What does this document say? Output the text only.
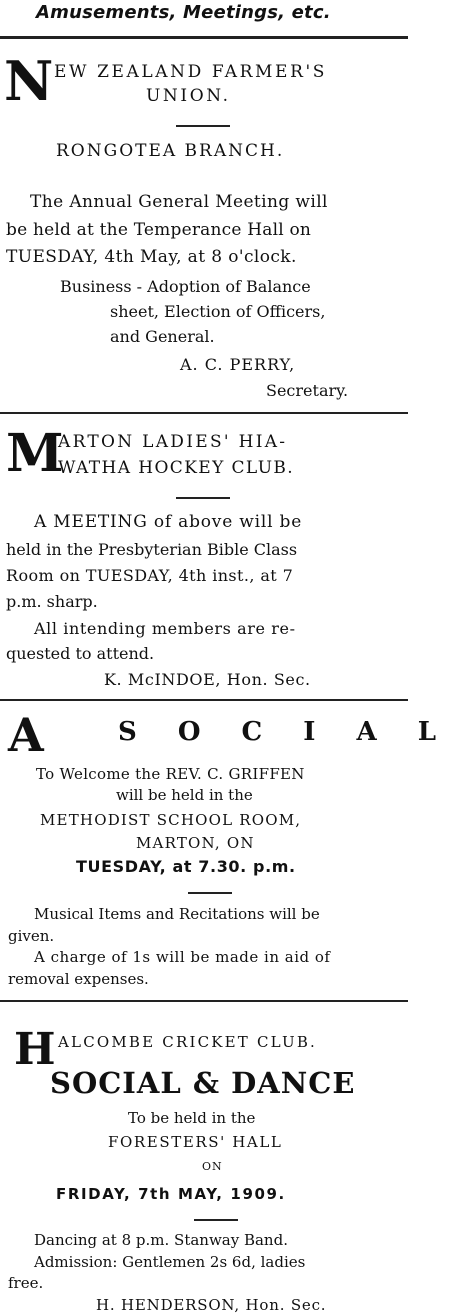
Amusements, Meetings, etc.
N EW ZEALAND FARMER'S
UNION.
RONGOTEA BRANCH.
The Annual General Meeting will
be held at the Temperance Hall on
TUESDAY, 4th May, at 8 o'clock.
Business - Adoption of Balance
sheet, Election of Officers,
and General.
A. C. PERRY,
Secretary.
M
ARTON LADIES' HIA-
WATHA HOCKEY CLUB.
A MEETING of above will be
held in the Presbyterian Bible Class
Room on TUESDAY, 4th inst., at 7
p.m. sharp.
All intending members are re-
quested to attend.
K. McINDOE, Hon. Sec.
A	S O C I A L
To Welcome the REV. C. GRIFFEN
will be held in the
METHODIST SCHOOL ROOM,
MARTON, ON
TUESDAY, at 7.30. p.m.
Musical Items and Recitations will be
given.
A charge of 1s will be made in aid of
removal expenses.
H ALCOMBE CRICKET CLUB.
SOCIAL & DANCE
To be held in the
FORESTERS' HALL
ON
FRIDAY, 7th MAY, 1909.
Dancing at 8 p.m. Stanway Band.
Admission: Gentlemen 2s 6d, ladies
free.
H. HENDERSON, Hon. Sec.
